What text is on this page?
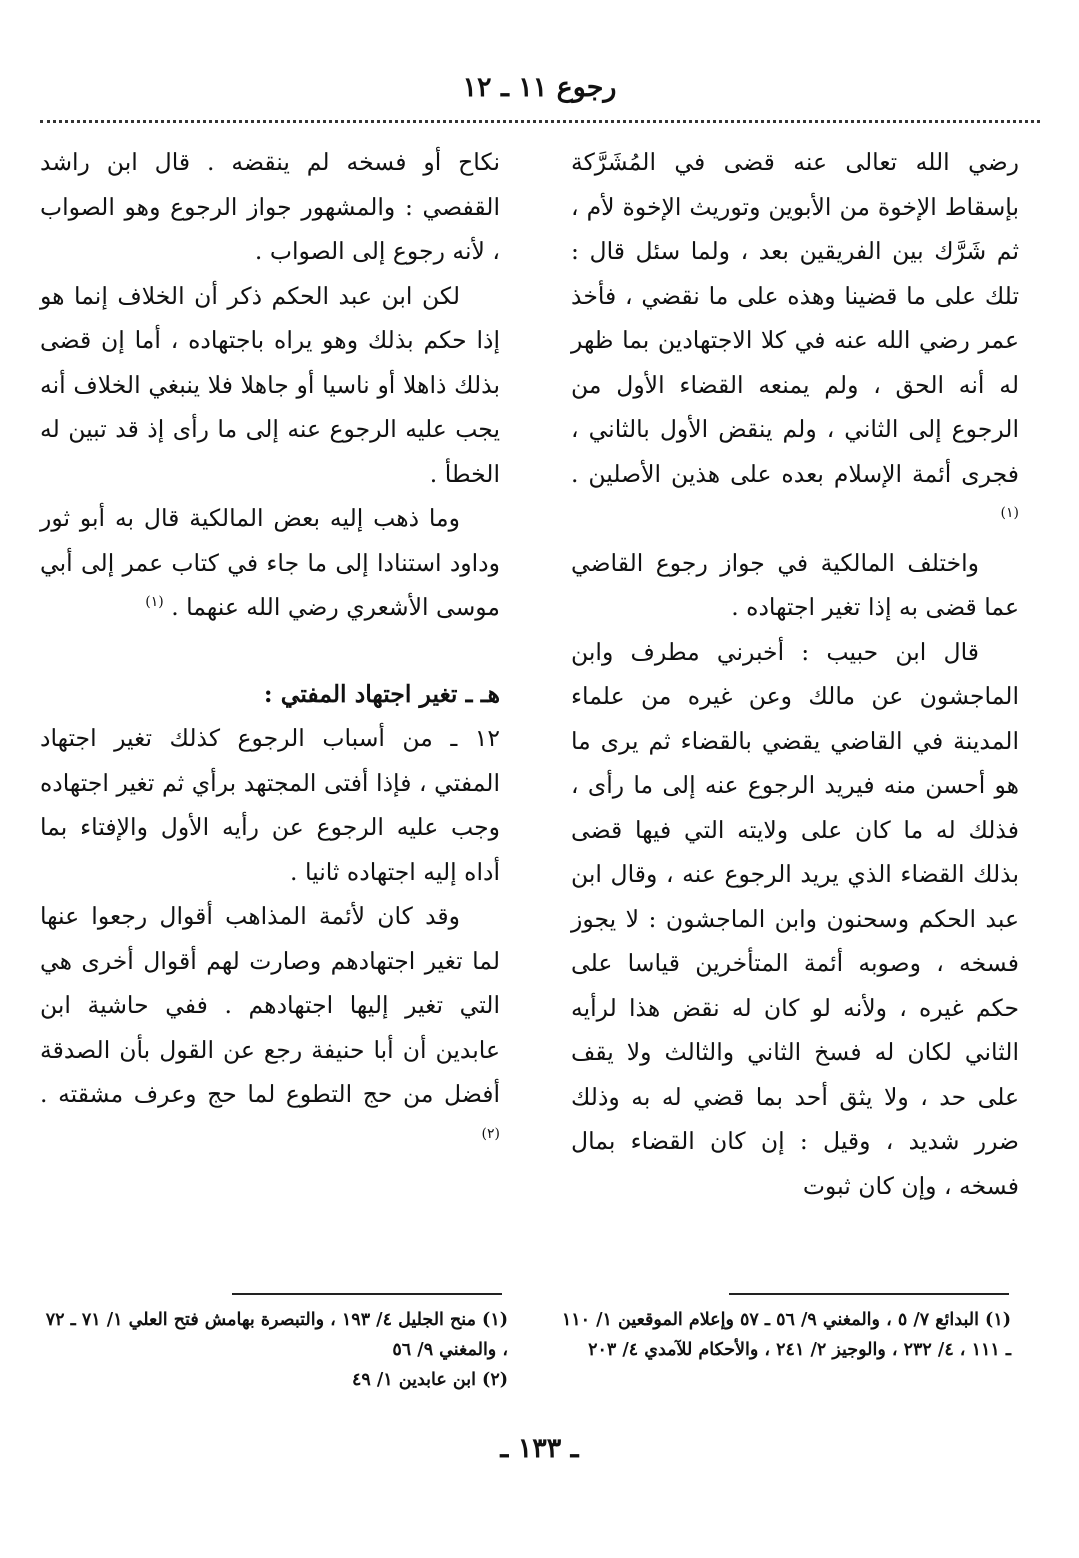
رجوع ١١ ـ ١٢

رضي الله تعالى عنه قضى في المُشَرَّكة بإسقاط الإخوة من الأبوين وتوريث الإخوة لأم ، ثم شَرَّك بين الفريقين بعد ، ولما سئل قال : تلك على ما قضينا وهذه على ما نقضي ، فأخذ عمر رضي الله عنه في كلا الاجتهادين بما ظهر له أنه الحق ، ولم يمنعه القضاء الأول من الرجوع إلى الثاني ، ولم ينقض الأول بالثاني ، فجرى أئمة الإسلام بعده على هذين الأصلين . $^{(١)}$

واختلف المالكية في جواز رجوع القاضي عما قضى به إذا تغير اجتهاده .

قال ابن حبيب : أخبرني مطرف وابن الماجشون عن مالك وعن غيره من علماء المدينة في القاضي يقضي بالقضاء ثم يرى ما هو أحسن منه فيريد الرجوع عنه إلى ما رأى ، فذلك له ما كان على ولايته التي فيها قضى بذلك القضاء الذي يريد الرجوع عنه ، وقال ابن عبد الحكم وسحنون وابن الماجشون : لا يجوز فسخه ، وصوبه أئمة المتأخرين قياسا على حكم غيره ، ولأنه لو كان له نقض هذا لرأيه الثاني لكان له فسخ الثاني والثالث ولا يقف على حد ، ولا يثق أحد بما قضي له به وذلك ضرر شديد ، وقيل : إن كان القضاء بمال فسخه ، وإن كان ثبوت

نكاح أو فسخه لم ينقضه . قال ابن راشد القفصي : والمشهور جواز الرجوع وهو الصواب ، لأنه رجوع إلى الصواب .

لكن ابن عبد الحكم ذكر أن الخلاف إنما هو إذا حكم بذلك وهو يراه باجتهاده ، أما إن قضى بذلك ذاهلا أو ناسيا أو جاهلا فلا ينبغي الخلاف أنه يجب عليه الرجوع عنه إلى ما رأى إذ قد تبين له الخطأ .

وما ذهب إليه بعض المالكية قال به أبو ثور وداود استنادا إلى ما جاء في كتاب عمر إلى أبي موسى الأشعري رضي الله عنهما . $^{(١)}$

هـ ـ تغير اجتهاد المفتي :

١٢ ـ من أسباب الرجوع كذلك تغير اجتهاد المفتي ، فإذا أفتى المجتهد برأي ثم تغير اجتهاده وجب عليه الرجوع عن رأيه الأول والإفتاء بما أداه إليه اجتهاده ثانيا .

وقد كان لأئمة المذاهب أقوال رجعوا عنها لما تغير اجتهادهم وصارت لهم أقوال أخرى هي التي تغير إليها اجتهادهم . ففي حاشية ابن عابدين أن أبا حنيفة رجع عن القول بأن الصدقة أفضل من حج التطوع لما حج وعرف مشقته . $^{(٢)}$

(١) البدائع ٧/ ٥ ، والمغني ٩/ ٥٦ ـ ٥٧ وإعلام الموقعين ١/ ١١٠ ـ ١١١ ، ٤/ ٢٣٢ ، والوجيز ٢/ ٢٤١ ، والأحكام للآمدي ٤/ ٢٠٣

(١) منح الجليل ٤/ ١٩٣ ، والتبصرة بهامش فتح العلي ١/ ٧١ ـ ٧٢ ، والمغني ٩/ ٥٦

(٢) ابن عابدين ١/ ٤٩

ـ ١٣٣ ـ
